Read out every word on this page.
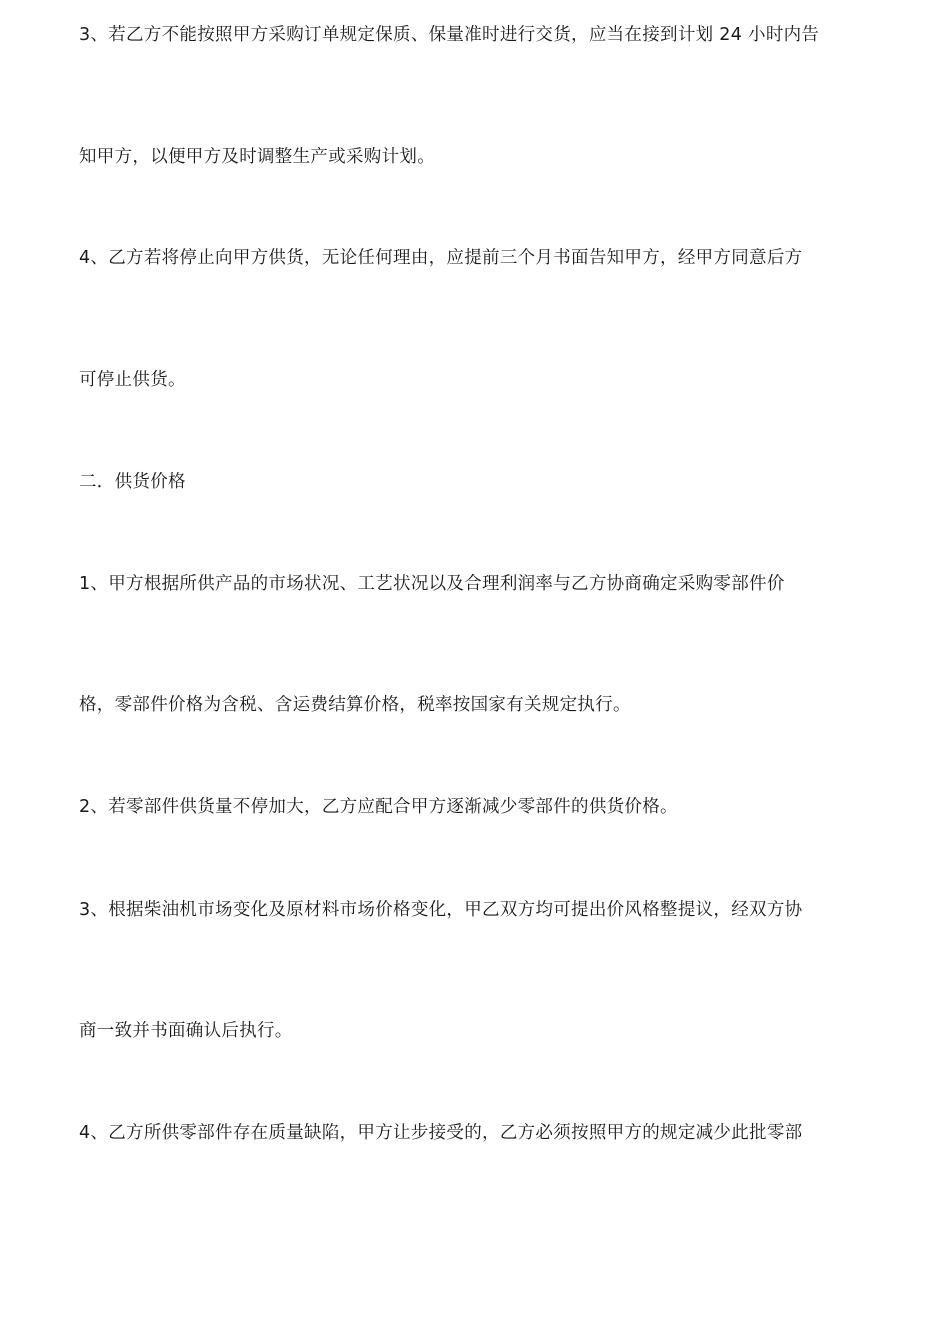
3、若乙方不能按照甲方采购订单规定保质、保量准时进行交货，应当在接到计划 24 小时内告
知甲方，以便甲方及时调整生产或采购计划。
4、乙方若将停止向甲方供货，无论任何理由，应提前三个月书面告知甲方，经甲方同意后方
可停止供货。
二．供货价格
1、甲方根据所供产品的市场状况、工艺状况以及合理利润率与乙方协商确定采购零部件价
格，零部件价格为含税、含运费结算价格，税率按国家有关规定执行。
2、若零部件供货量不停加大，乙方应配合甲方逐渐减少零部件的供货价格。
3、根据柴油机市场变化及原材料市场价格变化，甲乙双方均可提出价风格整提议，经双方协
商一致并书面确认后执行。
4、乙方所供零部件存在质量缺陷，甲方让步接受的，乙方必须按照甲方的规定减少此批零部
